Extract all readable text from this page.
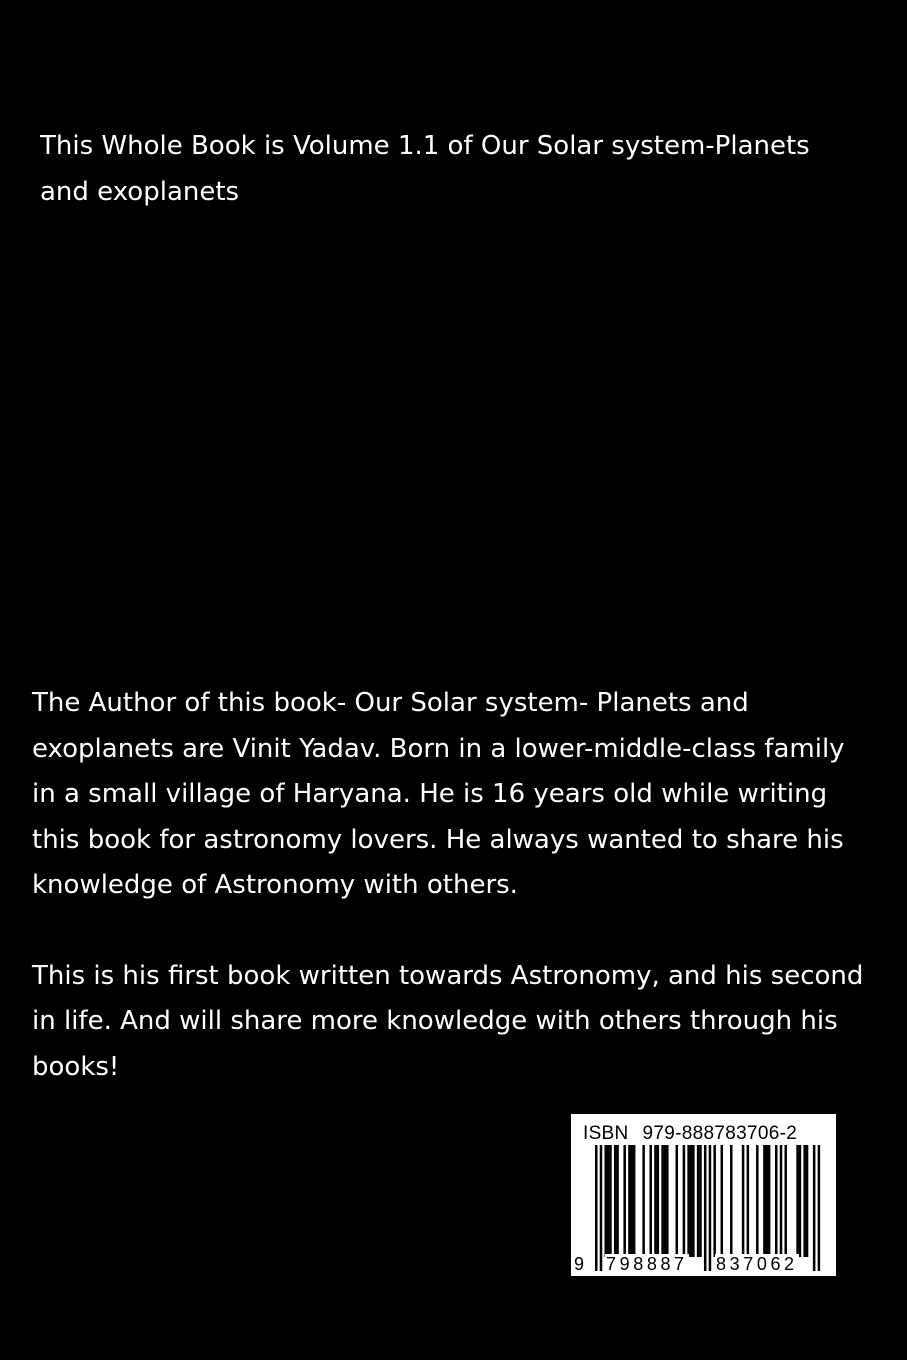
This Whole Book is Volume 1.1 of Our Solar system-Planets and exoplanets

The Author of this book- Our Solar system- Planets and exoplanets are Vinit Yadav. Born in a lower-middle-class family in a small village of Haryana. He is 16 years old while writing this book for astronomy lovers. He always wanted to share his knowledge of Astronomy with others.

This is his first book written towards Astronomy, and his second in life. And will share more knowledge with others through his books!

ISBN 979-888783706-2
9 798887 837062
